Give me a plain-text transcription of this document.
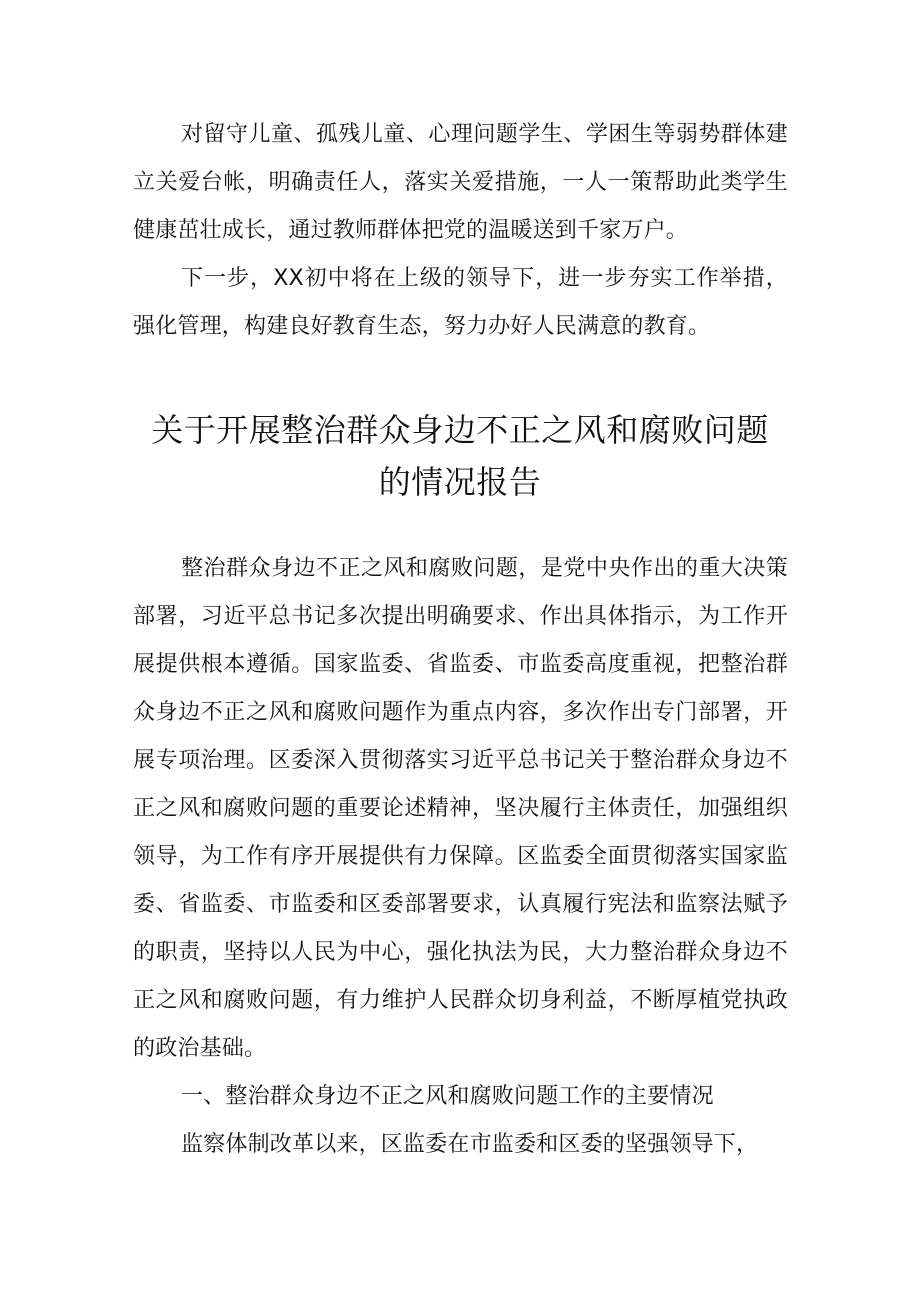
对留守儿童、孤残儿童、心理问题学生、学困生等弱势群体建立关爱台帐，明确责任人，落实关爱措施，一人一策帮助此类学生健康茁壮成长，通过教师群体把党的温暖送到千家万户。

下一步，XX初中将在上级的领导下，进一步夯实工作举措，强化管理，构建良好教育生态，努力办好人民满意的教育。

关于开展整治群众身边不正之风和腐败问题的情况报告

整治群众身边不正之风和腐败问题，是党中央作出的重大决策部署，习近平总书记多次提出明确要求、作出具体指示，为工作开展提供根本遵循。国家监委、省监委、市监委高度重视，把整治群众身边不正之风和腐败问题作为重点内容，多次作出专门部署，开展专项治理。区委深入贯彻落实习近平总书记关于整治群众身边不正之风和腐败问题的重要论述精神，坚决履行主体责任，加强组织领导，为工作有序开展提供有力保障。区监委全面贯彻落实国家监委、省监委、市监委和区委部署要求，认真履行宪法和监察法赋予的职责，坚持以人民为中心，强化执法为民，大力整治群众身边不正之风和腐败问题，有力维护人民群众切身利益，不断厚植党执政的政治基础。

一、整治群众身边不正之风和腐败问题工作的主要情况

监察体制改革以来，区监委在市监委和区委的坚强领导下，
